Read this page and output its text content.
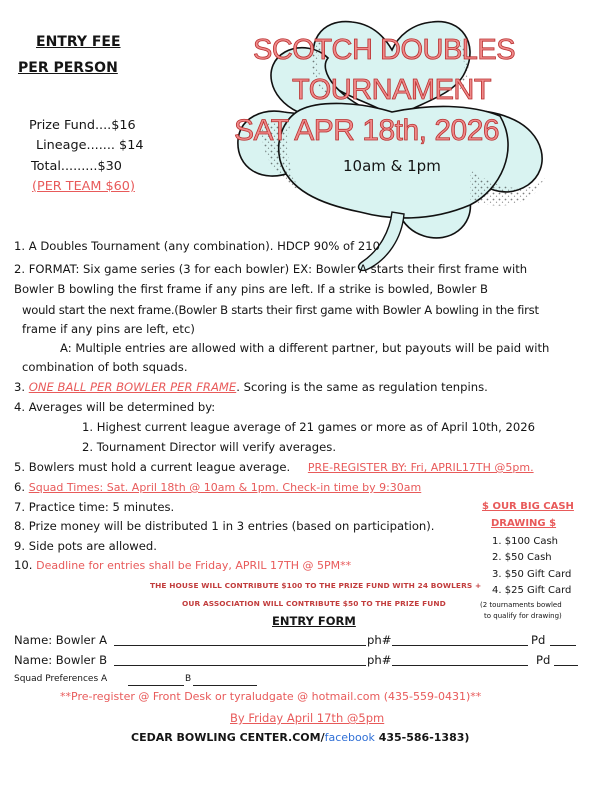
ENTRY FEE
PER PERSON
Prize Fund....$16
Lineage....... $14
Total.........$30
(PER TEAM $60)
SCOTCH DOUBLES
TOURNAMENT
SAT APR 18th, 2026
10am & 1pm
1. A Doubles Tournament (any combination). HDCP 90% of 210
2. FORMAT: Six game series (3 for each bowler) EX: Bowler A starts their first frame with
Bowler B bowling the first frame if any pins are left. If a strike is bowled, Bowler B
would start the next frame.(Bowler B starts their first game with Bowler A bowling in the first
frame if any pins are left, etc)
A: Multiple entries are allowed with a different partner, but payouts will be paid with
combination of both squads.
3. ONE BALL PER BOWLER PER FRAME. Scoring is the same as regulation tenpins.
4. Averages will be determined by:
1. Highest current league average of 21 games or more as of April 10th, 2026
2. Tournament Director will verify averages.
5. Bowlers must hold a current league average. PRE-REGISTER BY: Fri, APRIL17TH @5pm.
6. Squad Times: Sat. April 18th @ 10am & 1pm. Check-in time by 9:30am
7. Practice time: 5 minutes.
8. Prize money will be distributed 1 in 3 entries (based on participation).
9. Side pots are allowed.
10. Deadline for entries shall be Friday, APRIL 17TH @ 5PM**
THE HOUSE WILL CONTRIBUTE $100 TO THE PRIZE FUND WITH 24 BOWLERS +
OUR ASSOCIATION WILL CONTRIBUTE $50 TO THE PRIZE FUND
$ OUR BIG CASH
DRAWING $
1. $100 Cash
2. $50 Cash
3. $50 Gift Card
4. $25 Gift Card
(2 tournaments bowled
to qualify for drawing)
ENTRY FORM
Name: Bowler A	ph#	Pd
Name: Bowler B	ph#	Pd
Squad Preferences A	B
**Pre-register @ Front Desk or tyraludgate @ hotmail.com (435-559-0431)**
By Friday April 17th @5pm
CEDAR BOWLING CENTER.COM/facebook 435-586-1383)
